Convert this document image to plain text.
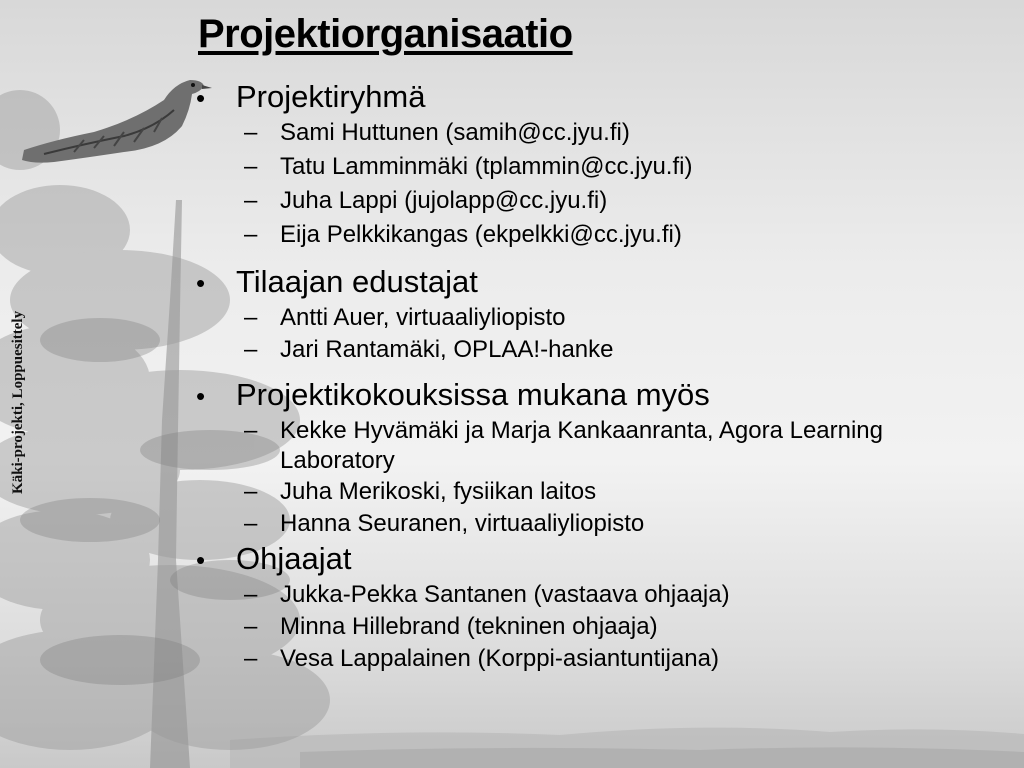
Käki-projekti, Loppuesittely
Projektiorganisaatio
• Projektiryhmä
– Sami Huttunen (samih@cc.jyu.fi)
– Tatu Lamminmäki (tplammin@cc.jyu.fi)
– Juha Lappi (jujolapp@cc.jyu.fi)
– Eija Pelkkikangas (ekpelkki@cc.jyu.fi)
• Tilaajan edustajat
– Antti Auer, virtuaaliyliopisto
– Jari Rantamäki, OPLAA!-hanke
• Projektikokouksissa mukana myös
– Kekke Hyvämäki ja Marja Kankaanranta, Agora Learning Laboratory
– Juha Merikoski, fysiikan laitos
– Hanna Seuranen, virtuaaliyliopisto
• Ohjaajat
– Jukka-Pekka Santanen (vastaava ohjaaja)
– Minna Hillebrand (tekninen ohjaaja)
– Vesa Lappalainen (Korppi-asiantuntijana)
